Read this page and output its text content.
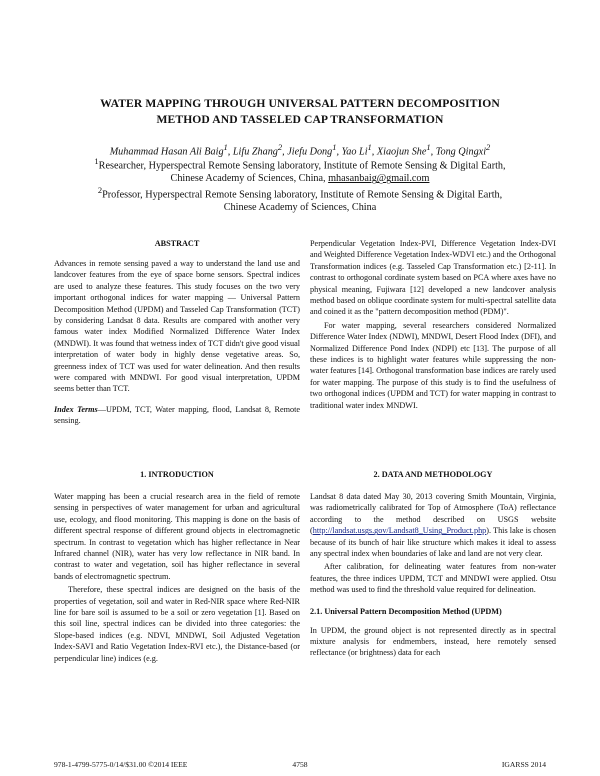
WATER MAPPING THROUGH UNIVERSAL PATTERN DECOMPOSITION
METHOD AND TASSELED CAP TRANSFORMATION
Muhammad Hasan Ali Baig$^1$, Lifu Zhang$^2$, Jiefu Dong$^1$, Yao Li$^1$, Xiaojun She$^1$, Tong Qingxi$^2$
$^1$Researcher, Hyperspectral Remote Sensing laboratory, Institute of Remote Sensing & Digital Earth,
Chinese Academy of Sciences, China, mhasanbaig@gmail.com
$^2$Professor, Hyperspectral Remote Sensing laboratory, Institute of Remote Sensing & Digital Earth,
Chinese Academy of Sciences, China
ABSTRACT

Advances in remote sensing paved a way to understand the land use and landcover features from the eye of space borne sensors. Spectral indices are used to analyze these features. This study focuses on the two very important orthogonal indices for water mapping — Universal Pattern Decomposition Method (UPDM) and Tasseled Cap Transformation (TCT) by considering Landsat 8 data. Results are compared with another very famous water index Modified Normalized Difference Water Index (MNDWI). It was found that wetness index of TCT didn't give good visual interpretation of water body in highly dense vegetative areas. So, greenness index of TCT was used for water delineation. And then results were compared with MNDWI. For good visual interpretation, UPDM seems better than TCT.

Index Terms—UPDM, TCT, Water mapping, flood, Landsat 8, Remote sensing.

1. INTRODUCTION

Water mapping has been a crucial research area in the field of remote sensing in perspectives of water management for urban and agricultural use, ecology, and flood monitoring. This mapping is done on the basis of different spectral response of different ground objects in electromagnetic spectrum. In contrast to vegetation which has higher reflectance in Near Infrared channel (NIR), water has very low reflectance in NIR band. In contrast to water and vegetation, soil has higher reflectance in several bands of electromagnetic spectrum.

Therefore, these spectral indices are designed on the basis of the properties of vegetation, soil and water in Red-NIR space where Red-NIR line for bare soil is assumed to be a soil or zero vegetation [1]. Based on this soil line, spectral indices can be divided into three categories: the Slope-based indices (e.g. NDVI, MNDWI, Soil Adjusted Vegetation Index-SAVI and Ratio Vegetation Index-RVI etc.), the Distance-based (or perpendicular line) indices (e.g.

Perpendicular Vegetation Index-PVI, Difference Vegetation Index-DVI and Weighted Difference Vegetation Index-WDVI etc.) and the Orthogonal Transformation indices (e.g. Tasseled Cap Transformation etc.) [2-11]. In contrast to orthogonal cordinate system based on PCA where axes have no physical meaning, Fujiwara [12] developed a new landcover analysis method based on oblique coordinate system for multi-spectral satellite data and coined it as the "pattern decomposition method (PDM)".

For water mapping, several researchers considered Normalized Difference Water Index (NDWI), MNDWI, Desert Flood Index (DFI), and Normalized Difference Pond Index (NDPI) etc [13]. The purpose of all these indices is to highlight water features while suppressing the non-water features [14]. Orthogonal transformation base indices are rarely used for water mapping. The purpose of this study is to find the usefulness of two orthogonal indices (UPDM and TCT) for water mapping in contrast to traditional water index MNDWI.

2. DATA AND METHODOLOGY

Landsat 8 data dated May 30, 2013 covering Smith Mountain, Virginia, was radiometrically calibrated for Top of Atmosphere (ToA) reflectance according to the method described on USGS website (http://landsat.usgs.gov/Landsat8_Using_Product.php). This lake is chosen because of its bunch of hair like structure which makes it ideal to assess any spectral index when boundaries of lake and land are not very clear.

After calibration, for delineating water features from non-water features, the three indices UPDM, TCT and MNDWI were applied. Otsu method was used to find the threshold value required for delineation.

2.1. Universal Pattern Decomposition Method (UPDM)

In UPDM, the ground object is not represented directly as in spectral mixture analysis for endmembers, instead, here remotely sensed reflectance (or brightness) data for each

978-1-4799-5775-0/14/$31.00 ©2014 IEEE	4758	IGARSS 2014
